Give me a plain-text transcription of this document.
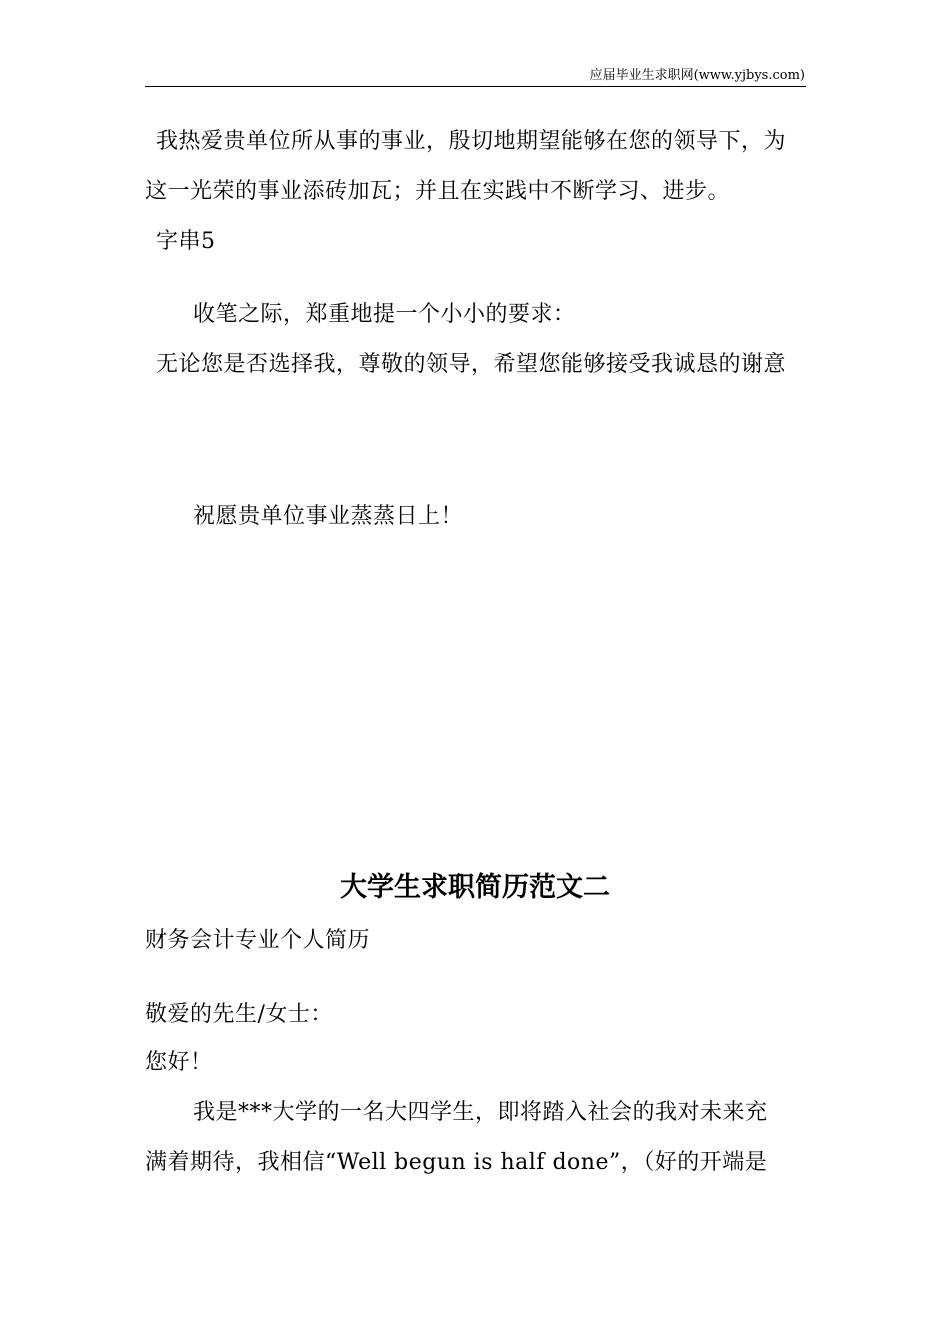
应届毕业生求职网(www.yjbys.com)
我热爱贵单位所从事的事业，殷切地期望能够在您的领导下，为
这一光荣的事业添砖加瓦；并且在实践中不断学习、进步。
字串5
收笔之际，郑重地提一个小小的要求：
无论您是否选择我，尊敬的领导，希望您能够接受我诚恳的谢意
祝愿贵单位事业蒸蒸日上！
大学生求职简历范文二
财务会计专业个人简历
敬爱的先生/女士：
您好！
我是***大学的一名大四学生，即将踏入社会的我对未来充
满着期待，我相信“Well begun is half done”，（好的开端是
